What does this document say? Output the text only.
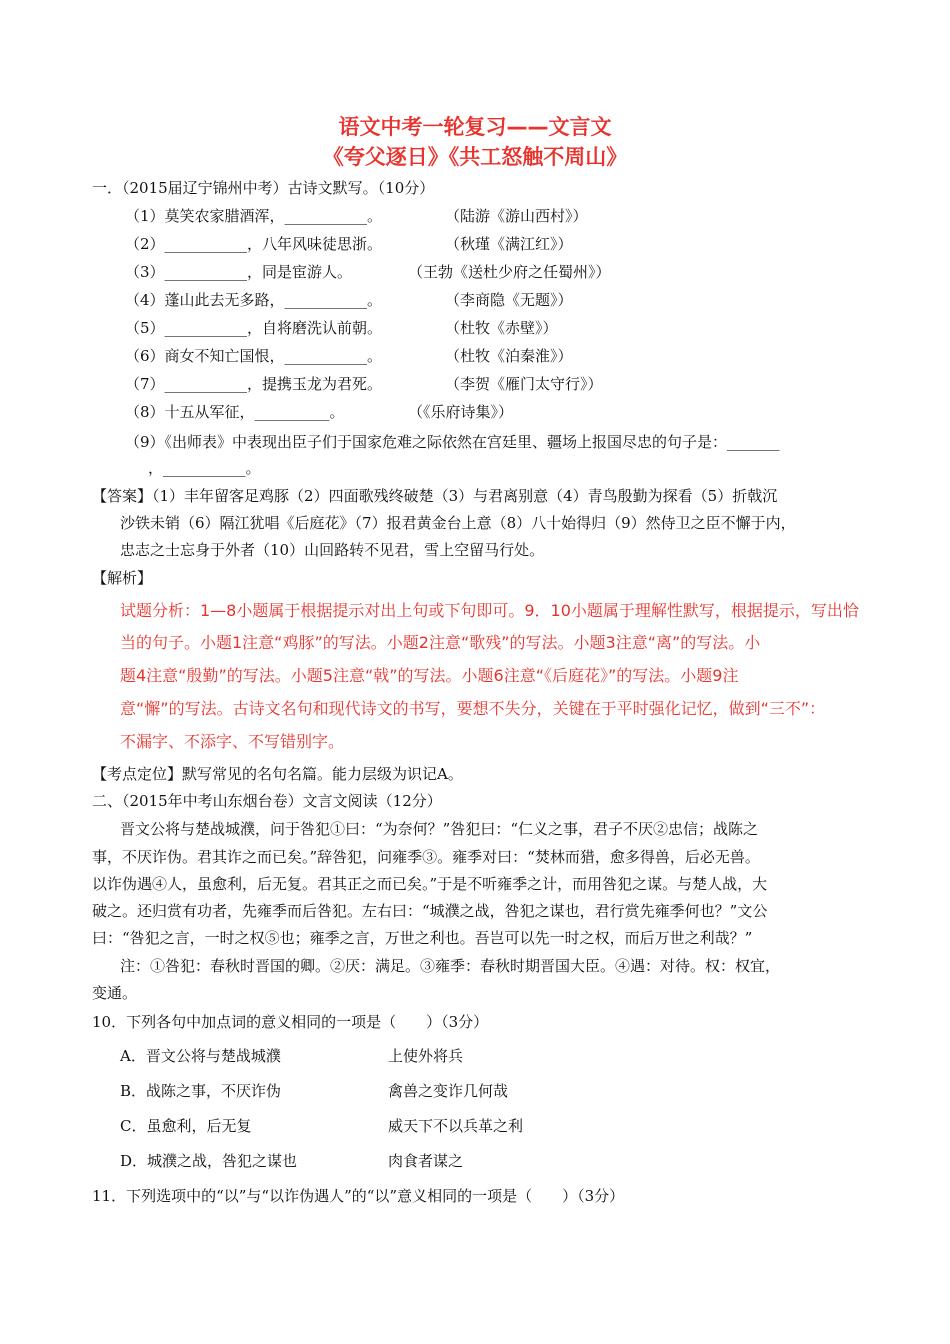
语文中考一轮复习——文言文
《夸父逐日》《共工怒触不周山》
一．（2015届辽宁锦州中考）古诗文默写。（10分）
（1）莫笑农家腊酒浑，___________。	（陆游《游山西村》）
（2）___________，八年风味徒思浙。	（秋瑾《满江红》）
（3）___________，同是宦游人。	（王勃《送杜少府之任蜀州》）
（4）蓬山此去无多路，___________。	（李商隐《无题》）
（5）___________，自将磨洗认前朝。	（杜牧《赤壁》）
（6）商女不知亡国恨，___________。	（杜牧《泊秦淮》）
（7）___________，提携玉龙为君死。	（李贺《雁门太守行》）
（8）十五从军征，__________。	（《乐府诗集》）
（9）《出师表》中表现出臣子们于国家危难之际依然在宫廷里、疆场上报国尽忠的句子是：_______
，___________。
【答案】（1）丰年留客足鸡豚（2）四面歌残终破楚（3）与君离别意（4）青鸟殷勤为探看（5）折戟沉
沙铁未销（6）隔江犹唱《后庭花》（7）报君黄金台上意（8）八十始得归（9）然侍卫之臣不懈于内，
忠志之士忘身于外者（10）山回路转不见君，雪上空留马行处。
【解析】
试题分析：1—8小题属于根据提示对出上句或下句即可。9．10小题属于理解性默写，根据提示，写出恰
当的句子。小题1注意“鸡豚”的写法。小题2注意“歌残”的写法。小题3注意“离”的写法。小
题4注意“殷勤”的写法。小题5注意“戟”的写法。小题6注意“《后庭花》”的写法。小题9注
意“懈”的写法。古诗文名句和现代诗文的书写，要想不失分，关键在于平时强化记忆，做到“三不”：
不漏字、不添字、不写错别字。
【考点定位】默写常见的名句名篇。能力层级为识记A。
二、（2015年中考山东烟台卷）文言文阅读（12分）
晋文公将与楚战城濮，问于咎犯①曰：“为奈何？”咎犯曰：“仁义之事，君子不厌②忠信；战陈之
事，不厌诈伪。君其诈之而已矣。”辞咎犯，问雍季③。雍季对曰：“焚林而猎，愈多得兽，后必无兽。
以诈伪遇④人，虽愈利，后无复。君其正之而已矣。”于是不听雍季之计，而用咎犯之谋。与楚人战，大
破之。还归赏有功者，先雍季而后咎犯。左右曰：“城濮之战，咎犯之谋也，君行赏先雍季何也？”文公
曰：“咎犯之言，一时之权⑤也；雍季之言，万世之利也。吾岂可以先一时之权，而后万世之利哉？”
注：①咎犯：春秋时晋国的卿。②厌：满足。③雍季：春秋时期晋国大臣。④遇：对待。权：权宜，
变通。
10．下列各句中加点词的意义相同的一项是（　　）（3分）
A．晋文公将与楚战城濮	上使外将兵
B．战陈之事，不厌诈伪	禽兽之变诈几何哉
C．虽愈利，后无复	威天下不以兵革之利
D．城濮之战，咎犯之谋也	肉食者谋之
11．下列选项中的“以”与“以诈伪遇人”的“以”意义相同的一项是（　　）（3分）
